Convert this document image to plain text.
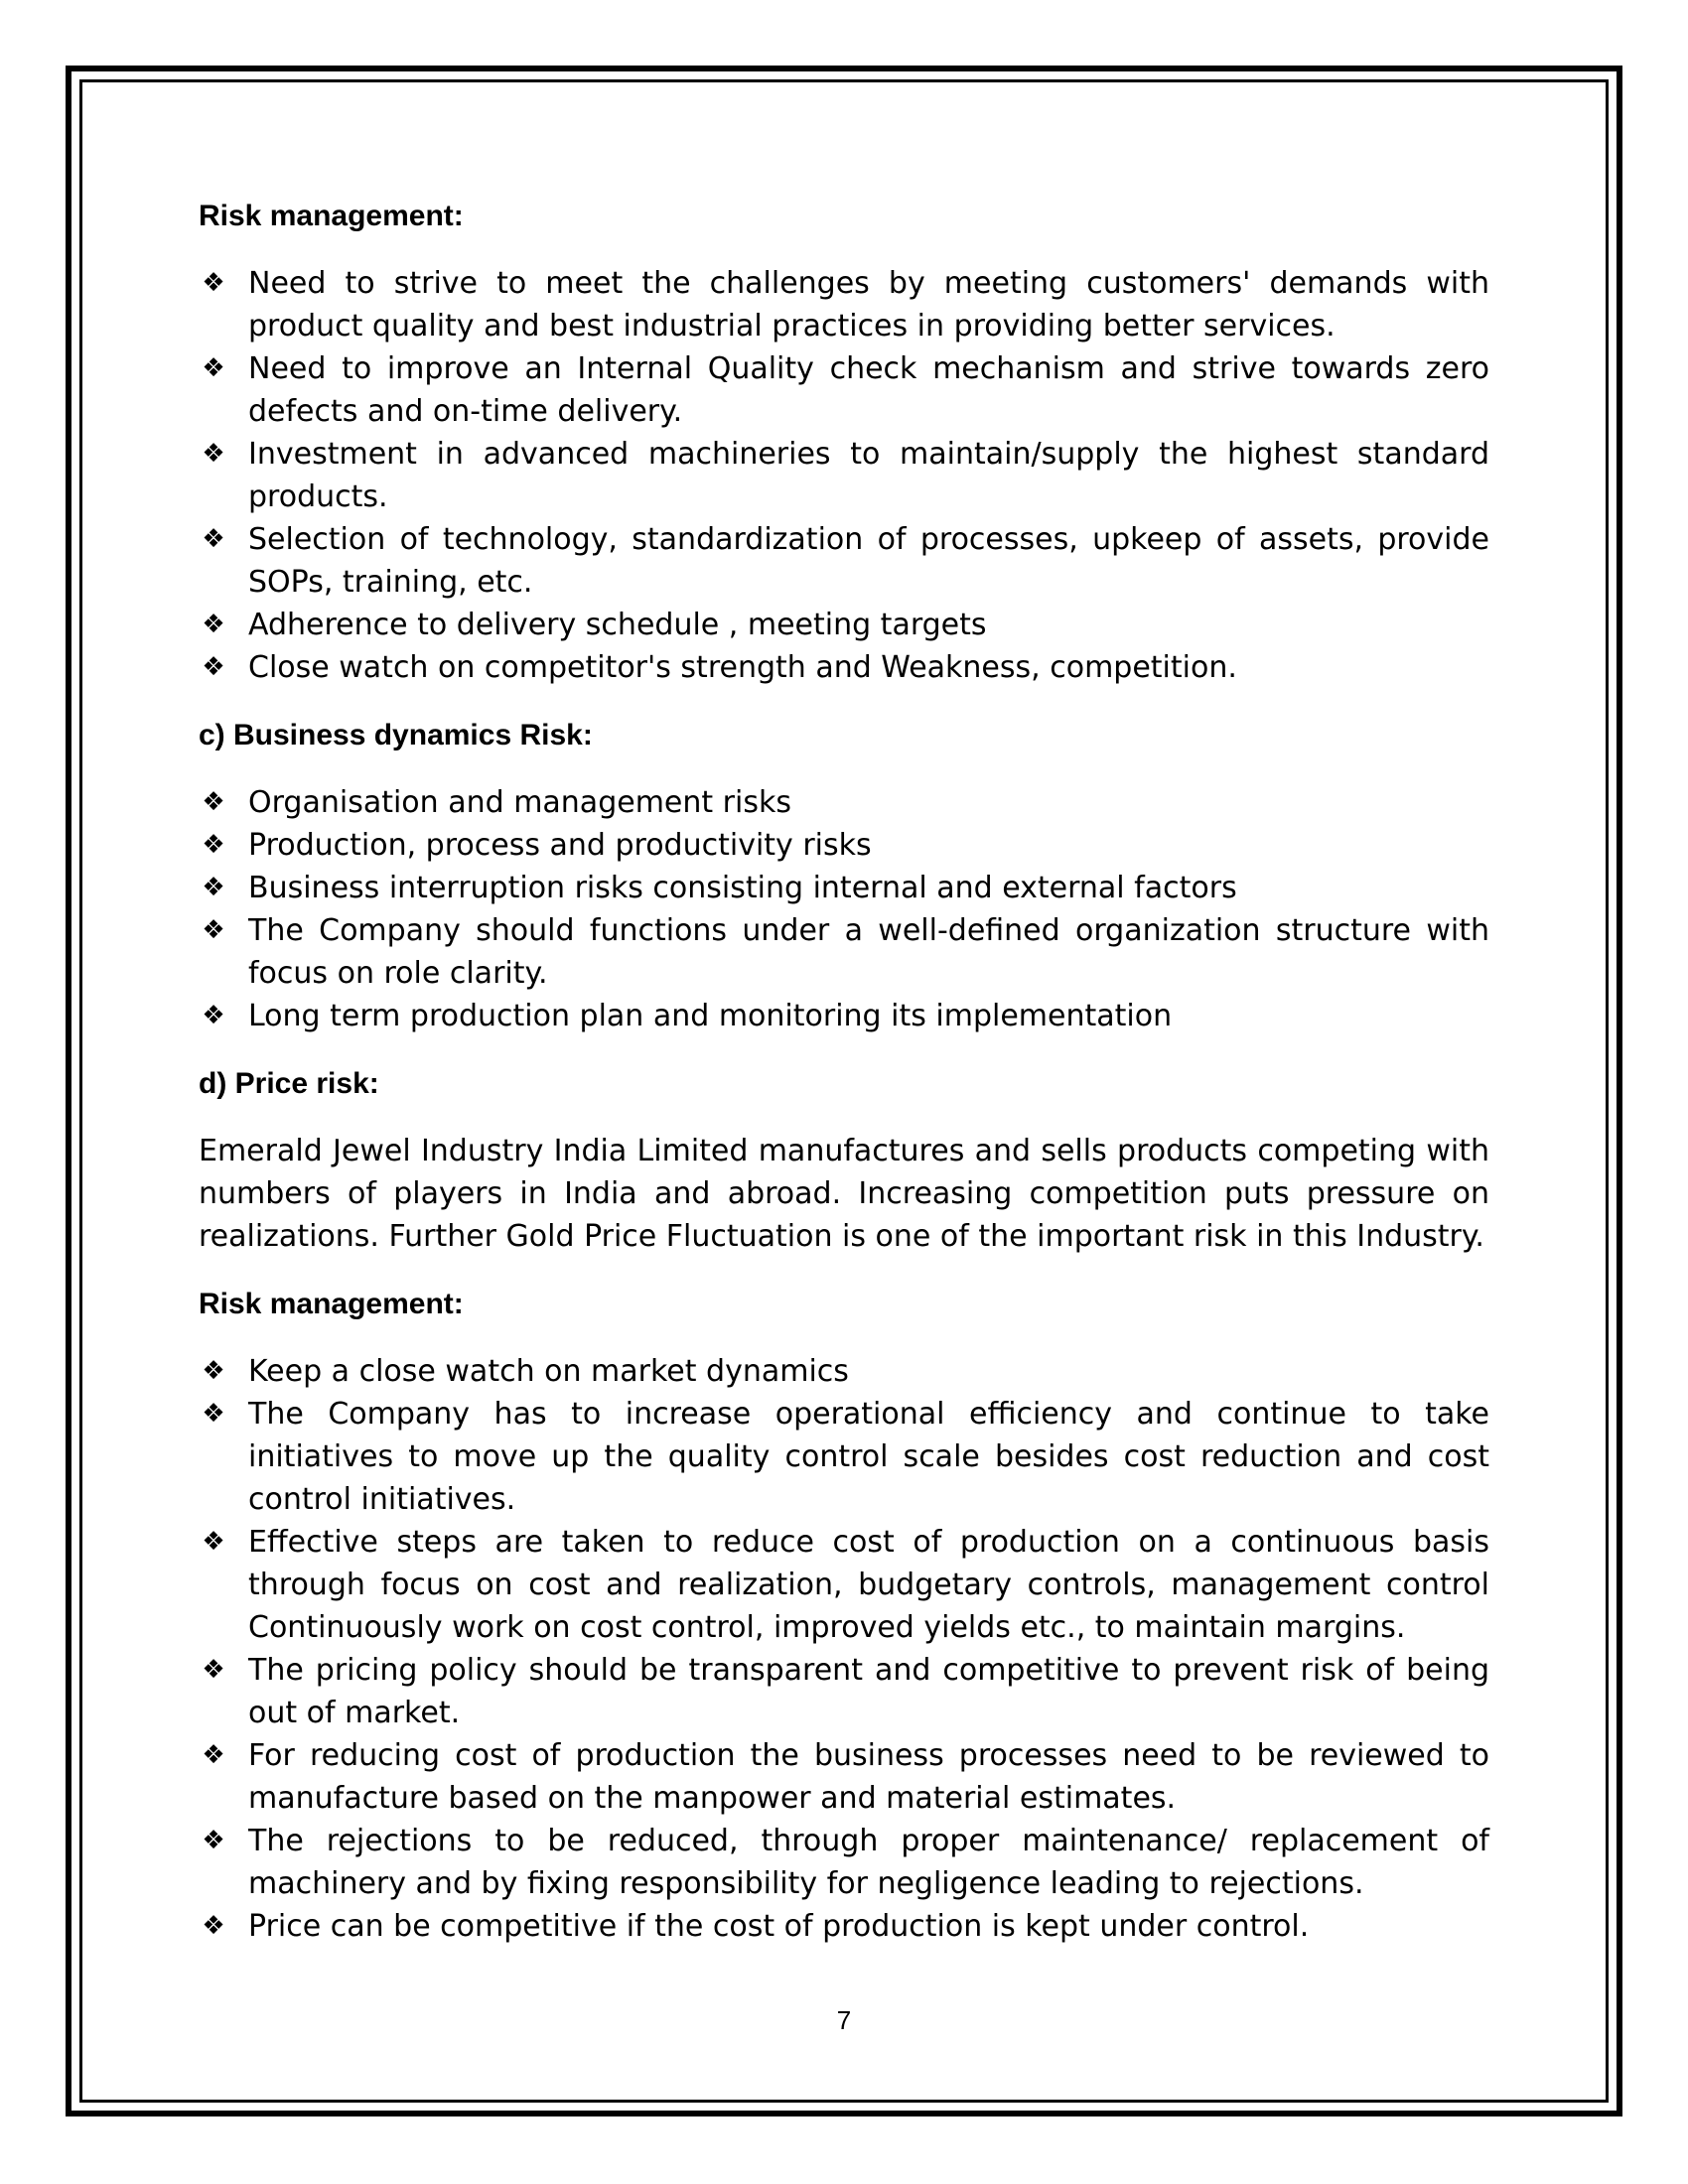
Risk management:
❖ Need to strive to meet the challenges by meeting customers' demands with product quality and best industrial practices in providing better services.
❖ Need to improve an Internal Quality check mechanism and strive towards zero defects and on-time delivery.
❖ Investment in advanced machineries to maintain/supply the highest standard products.
❖ Selection of technology, standardization of processes, upkeep of assets, provide SOPs, training, etc.
❖ Adherence to delivery schedule , meeting targets
❖ Close watch on competitor's strength and Weakness, competition.
c) Business dynamics Risk:
❖ Organisation and management risks
❖ Production, process and productivity risks
❖ Business interruption risks consisting internal and external factors
❖ The Company should functions under a well-defined organization structure with focus on role clarity.
❖ Long term production plan and monitoring its implementation
d) Price risk:

Emerald Jewel Industry India Limited manufactures and sells products competing with numbers of players in India and abroad. Increasing competition puts pressure on realizations. Further Gold Price Fluctuation is one of the important risk in this Industry.

Risk management:
❖ Keep a close watch on market dynamics
❖ The Company has to increase operational efficiency and continue to take initiatives to move up the quality control scale besides cost reduction and cost control initiatives.
❖ Effective steps are taken to reduce cost of production on a continuous basis through focus on cost and realization, budgetary controls, management control Continuously work on cost control, improved yields etc., to maintain margins.
❖ The pricing policy should be transparent and competitive to prevent risk of being out of market.
❖ For reducing cost of production the business processes need to be reviewed to manufacture based on the manpower and material estimates.
❖ The rejections to be reduced, through proper maintenance/ replacement of machinery and by fixing responsibility for negligence leading to rejections.
❖ Price can be competitive if the cost of production is kept under control.
7
